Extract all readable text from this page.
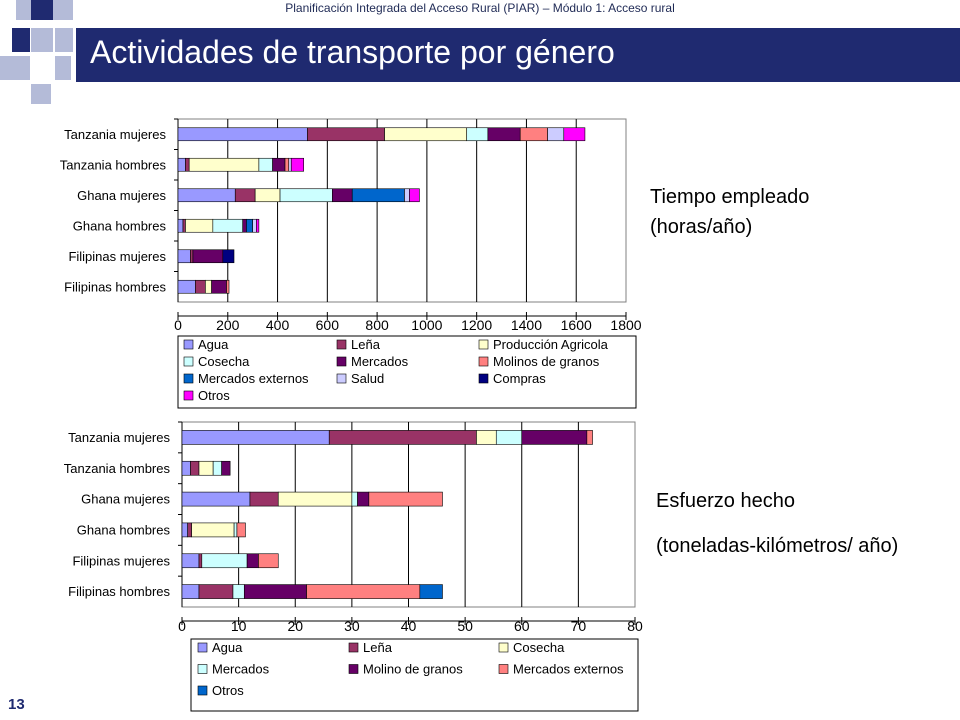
Planificación Integrada del Acceso Rural (PIAR) – Módulo 1: Acceso rural
Actividades de transporte por género
Tiempo empleado
(horas/año)
Esfuerzo hecho
(toneladas-kilómetros/ año)
13
0 200 400 600 800 1000 1200 1400 1600 1800
Tanzania mujeres
Tanzania hombres
Ghana mujeres
Ghana hombres
Filipinas mujeres
Filipinas hombres
Agua	Leña	Producción Agricola
Cosecha	Mercados	Molinos de granos
Mercados externos	Salud	Compras
Otros
0	10	20	30	40	50	60	70	80
Tanzania mujeres
Tanzania hombres
Ghana mujeres
Ghana hombres
Filipinas mujeres
Filipinas hombres
Agua	Leña	Cosecha
Mercados	Molino de granos	Mercados externos
Otros
